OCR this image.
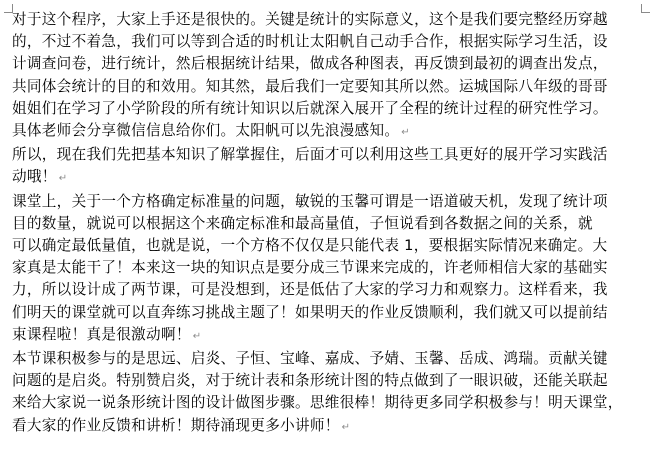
对于这个程序，大家上手还是很快的。关键是统计的实际意义，这个是我们要完整经历穿越
的，不过不着急，我们可以等到合适的时机让太阳帆自己动手合作，根据实际学习生活，设
计调查问卷，进行统计，然后根据统计结果，做成各种图表，再反馈到最初的调查出发点，
共同体会统计的目的和效用。知其然，最后我们一定要知其所以然。运城国际八年级的哥哥
姐姐们在学习了小学阶段的所有统计知识以后就深入展开了全程的统计过程的研究性学习。
具体老师会分享微信信息给你们。太阳帆可以先浪漫感知。 ↵

所以，现在我们先把基本知识了解掌握住，后面才可以利用这些工具更好的展开学习实践活
动哦！ ↵

课堂上，关于一个方格确定标准量的问题，敏锐的玉馨可谓是一语道破天机，发现了统计项
目的数量，就说可以根据这个来确定标准和最高量值，子恒说看到各数据之间的关系，就
可以确定最低量值，也就是说，一个方格不仅仅是只能代表 1，要根据实际情况来确定。大
家真是太能干了！本来这一块的知识点是要分成三节课来完成的，许老师相信大家的基础实
力，所以设计成了两节课，可是没想到，还是低估了大家的学习力和观察力。这样看来，我
们明天的课堂就可以直奔练习挑战主题了！如果明天的作业反馈顺利，我们就又可以提前结
束课程啦！真是很激动啊！ ↵

本节课积极参与的是思远、启炎、子恒、宝峰、嘉成、予婧、玉馨、岳成、鸿瑞。贡献关键
问题的是启炎。特别赞启炎，对于统计表和条形统计图的特点做到了一眼识破，还能关联起
来给大家说一说条形统计图的设计做图步骤。思维很棒！期待更多同学积极参与！明天课堂，
看大家的作业反馈和讲析！期待涌现更多小讲师！ ↵
